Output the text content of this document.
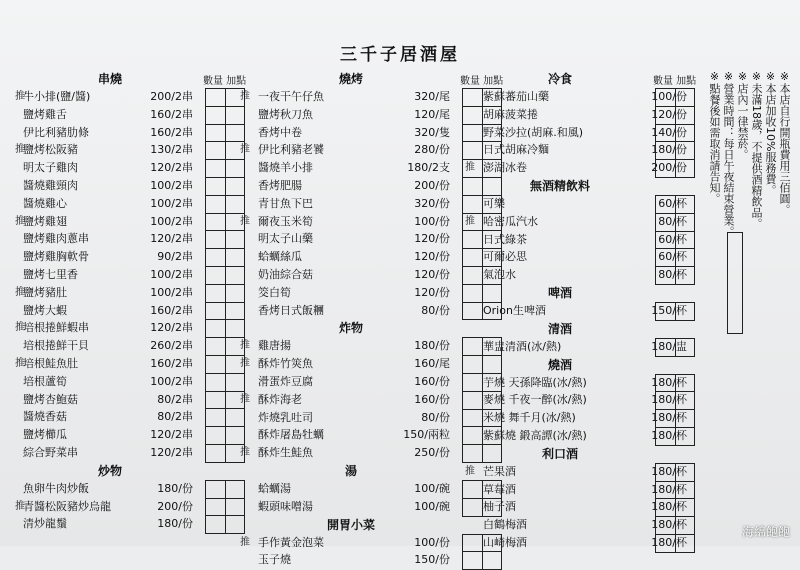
三千子居酒屋
數量 加點
串燒
推
牛小排(鹽/醬)	200/2串
鹽烤雞舌	160/2串
伊比利豬肋條	160/2串
推
鹽烤松阪豬	130/2串
明太子雞肉	120/2串
醬燒雞頸肉	100/2串
醬燒雞心	100/2串
推
鹽烤雞翅	100/2串
鹽烤雞肉蔥串	120/2串
鹽烤雞胸軟骨	90/2串
鹽烤七里香	100/2串
推
鹽烤豬肚	100/2串
鹽烤大蝦	160/2串
推
培根捲鮮蝦串	120/2串
培根捲鮮干貝	260/2串
推
培根鮭魚肚	160/2串
培根蘆筍	100/2串
鹽烤杏鮑菇	80/2串
醬燒香菇	80/2串
鹽烤櫛瓜	120/2串
綜合野菜串	120/2串

炒物
魚卵牛肉炒飯	180/份
推
青醬松阪豬炒烏龍	200/份
清炒龍鬚	180/份

數量 加點
燒烤
推 一夜干午仔魚	320/尾
鹽烤秋刀魚	120/尾
香烤中卷	320/隻
推 伊比利豬老饕	280/份
醬燒羊小排	180/2支
香烤肥腸	200/份
青甘魚下巴	320/份
推 爾夜玉米筍	100/份
明太子山藥	120/份
蛤蠣絲瓜	120/份
奶油綜合菇	120/份
筊白筍	120/份
香烤日式飯糰	80/份

炸物
推 雞唐揚	180/份
推 酥炸竹筴魚	160/尾
滑蛋炸豆腐	160/份
推 酥炸海老	160/份
炸燒乳吐司	80/份
酥炸屠島牡蠣	150/兩粒
推 酥炸生鮭魚	250/份

湯
蛤蠣湯	100/碗
蝦頭味噌湯	100/碗

開胃小菜
推 手作黃金泡菜	100/份
玉子燒	150/份

數量 加點
冷食
紫蘇蕃茄山藥	100/份
胡麻菠菜捲	120/份
野菜沙拉(胡麻.和風)	140/份
日式胡麻冷麵	180/份
推 澎湖冰卷	200/份

無酒精飲料
可樂	60/杯
推 哈密瓜汽水	80/杯
日式綠茶	60/杯
可爾必思	60/杯
氣泡水	80/杯

啤酒
Orion生啤酒	150/杯

清酒
華盅清酒(冰/熱)	180/盅

燒酒
芋燒 天孫降臨(冰/熱)	180/杯
麥燒 千夜一醉(冰/熱)	180/杯
米燒 舞千月(冰/熱)	180/杯
紫蘇燒 鍛高譚(冰/熱)	180/杯

利口酒
推 芒果酒	180/杯
草莓酒	180/杯
柚子酒	180/杯
白鶴梅酒	180/杯
山崎梅酒	180/杯

※本店自行開瓶費用三佰圓。
※本店加收10%服務費。
※未滿18歲，不提供酒精飲品。
※店內一律禁菸。
※營業時間：每日午夜結束營業。
※點餐後如需取消請告知。
海綿飽飽
